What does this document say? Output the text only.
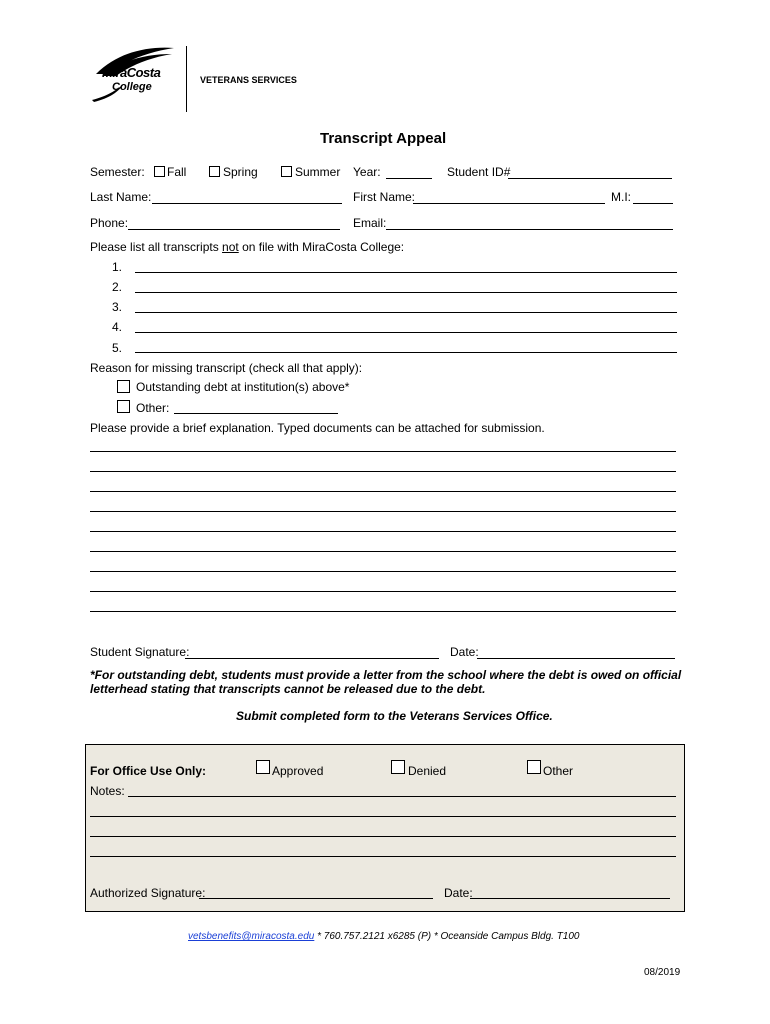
MiraCosta
College
VETERANS SERVICES
Transcript Appeal
Semester: Fall	Spring	Summer Year:	Student ID#
Last Name:	First Name:	M.I:
Phone:	Email:
Please list all transcripts not on file with MiraCosta College:
1.
2.
3.
4.
5.
Reason for missing transcript (check all that apply):
Outstanding debt at institution(s) above*
Other:
Please provide a brief explanation. Typed documents can be attached for submission.
Student Signature:	Date:
*For outstanding debt, students must provide a letter from the school where the debt is owed on official
letterhead stating that transcripts cannot be released due to the debt.
Submit completed form to the Veterans Services Office.
For Office Use Only:	Approved	Denied	Other
Notes:
Authorized Signature:	Date:
vetsbenefits@miracosta.edu * 760.757.2121 x6285 (P) * Oceanside Campus Bldg. T100
08/2019
